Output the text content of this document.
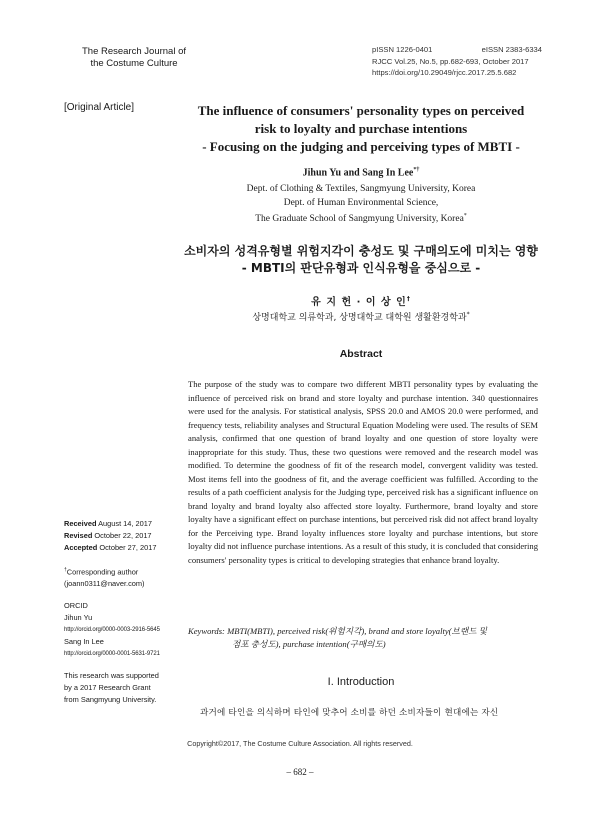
The Research Journal of
the Costume Culture
pISSN 1226-0401	eISSN 2383-6334
RJCC Vol.25, No.5, pp.682-693, October 2017
https://doi.org/10.29049/rjcc.2017.25.5.682
[Original Article]	The influence of consumers' personality types on perceived
risk to loyalty and purchase intentions
- Focusing on the judging and perceiving types of MBTI -
Jihun Yu and Sang In Lee*†
Dept. of Clothing & Textiles, Sangmyung University, Korea
Dept. of Human Environmental Science,
The Graduate School of Sangmyung University, Korea*
소비자의 성격유형별 위험지각이 충성도 및 구매의도에 미치는 영향
- MBTI의 판단유형과 인식유형을 중심으로 -
유 지 헌 · 이 상 인†
상명대학교 의류학과, 상명대학교 대학원 생활환경학과*
Abstract
The purpose of the study was to compare two different MBTI personality types by evaluating the influence of perceived risk on brand and store loyalty and purchase intention. 340 questionnaires were used for the analysis. For statistical analysis, SPSS 20.0 and AMOS 20.0 were performed, and frequency tests, reliability analyses and Structural Equation Modeling were used. The results of SEM analysis, confirmed that one question of brand loyalty and one question of store loyalty were inappropriate for this study. Thus, these two questions were removed and the research model was modified. To determine the goodness of fit of the research model, convergent validity was tested. Most items fell into the goodness of fit, and the average coefficient was fulfilled. According to the results of a path coefficient analysis for the Judging type, perceived risk has a significant influence on brand loyalty and brand loyalty also affected store loyalty. Furthermore, brand loyalty and store loyalty have a significant effect on purchase intentions, but perceived risk did not affect brand loyalty for the Perceiving type. Brand loyalty influences store loyalty and purchase intentions, but store loyalty did not influence purchase intentions. As a result of this study, it is concluded that considering consumers' personality types is critical to developing strategies that enhance brand loyalty.
Keywords: MBTI(MBTI), perceived risk(위험지각), brand and store loyalty(브랜드 및
점포 충성도), purchase intention(구매의도)
Received August 14, 2017
Revised October 22, 2017
Accepted October 27, 2017
†Corresponding author
(joann0311@naver.com)
ORCID
Jihun Yu
http://orcid.org/0000-0003-2916-5645
Sang In Lee
http://orcid.org/0000-0001-5631-9721
This research was supported
by a 2017 Research Grant
from Sangmyung University.
I. Introduction
과거에 타인을 의식하며 타인에 맞추어 소비를 하던 소비자들이 현대에는 자신
Copyright©2017, The Costume Culture Association. All rights reserved.
– 682 –
